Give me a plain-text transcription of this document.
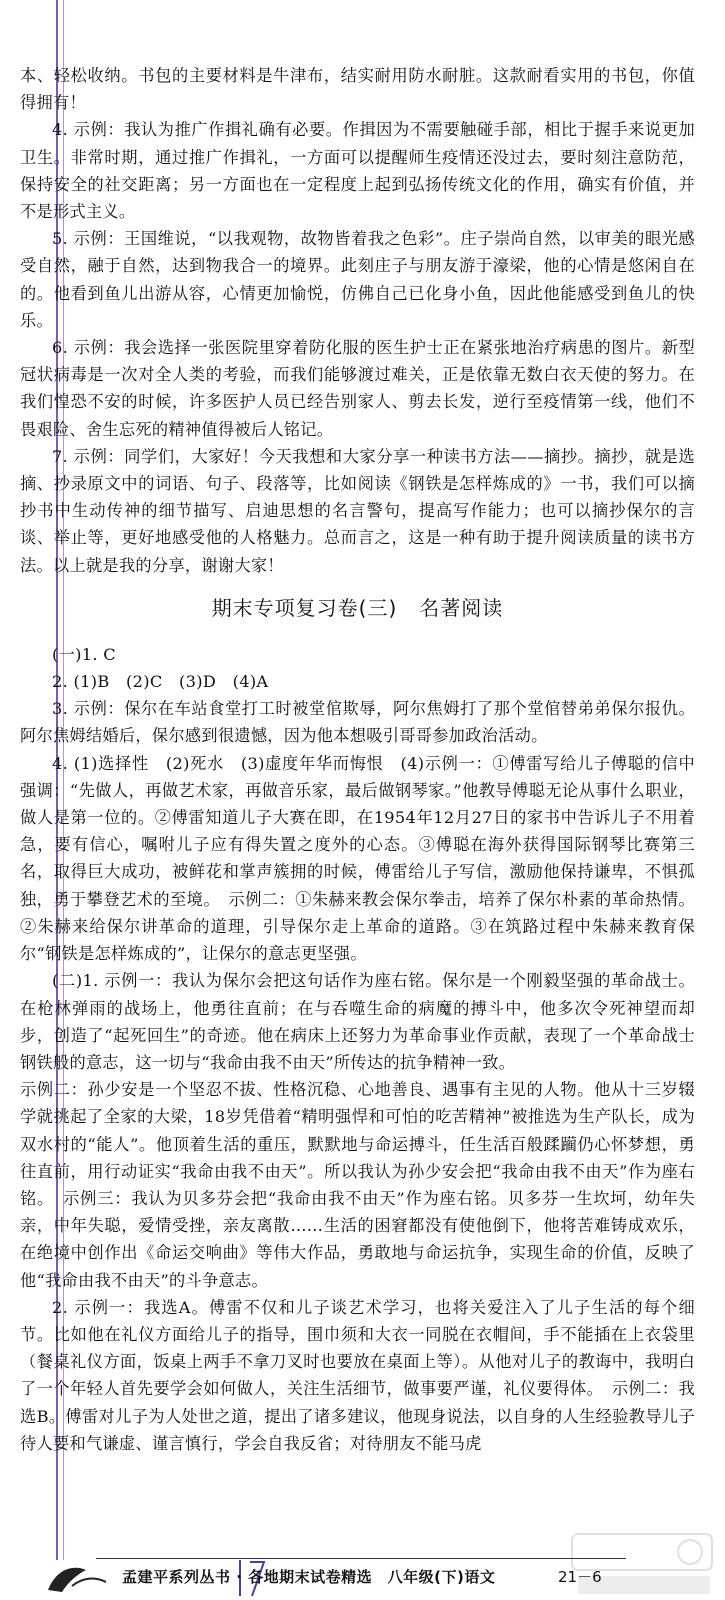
本、轻松收纳。书包的主要材料是牛津布，结实耐用防水耐脏。这款耐看实用的书包，你值得拥有！

4. 示例：我认为推广作揖礼确有必要。作揖因为不需要触碰手部，相比于握手来说更加卫生。非常时期，通过推广作揖礼，一方面可以提醒师生疫情还没过去，要时刻注意防范，保持安全的社交距离；另一方面也在一定程度上起到弘扬传统文化的作用，确实有价值，并不是形式主义。

5. 示例：王国维说，“以我观物，故物皆着我之色彩”。庄子崇尚自然，以审美的眼光感受自然，融于自然，达到物我合一的境界。此刻庄子与朋友游于濠梁，他的心情是悠闲自在的。他看到鱼儿出游从容，心情更加愉悦，仿佛自己已化身小鱼，因此他能感受到鱼儿的快乐。

6. 示例：我会选择一张医院里穿着防化服的医生护士正在紧张地治疗病患的图片。新型冠状病毒是一次对全人类的考验，而我们能够渡过难关，正是依靠无数白衣天使的努力。在我们惶恐不安的时候，许多医护人员已经告别家人、剪去长发，逆行至疫情第一线，他们不畏艰险、舍生忘死的精神值得被后人铭记。

7. 示例：同学们，大家好！今天我想和大家分享一种读书方法——摘抄。摘抄，就是选摘、抄录原文中的词语、句子、段落等，比如阅读《钢铁是怎样炼成的》一书，我们可以摘抄书中生动传神的细节描写、启迪思想的名言警句，提高写作能力；也可以摘抄保尔的言谈、举止等，更好地感受他的人格魅力。总而言之，这是一种有助于提升阅读质量的读书方法。以上就是我的分享，谢谢大家！

期末专项复习卷(三) 名著阅读

(一)1. C

2. (1)B　(2)C　(3)D　(4)A

3. 示例：保尔在车站食堂打工时被堂倌欺辱，阿尔焦姆打了那个堂倌替弟弟保尔报仇。阿尔焦姆结婚后，保尔感到很遗憾，因为他本想吸引哥哥参加政治活动。

4. (1)选择性　(2)死水　(3)虚度年华而悔恨　(4)示例一：①傅雷写给儿子傅聪的信中强调：“先做人，再做艺术家，再做音乐家，最后做钢琴家。”他教导傅聪无论从事什么职业，做人是第一位的。②傅雷知道儿子大赛在即，在1954年12月27日的家书中告诉儿子不用着急，要有信心，嘱咐儿子应有得失置之度外的心态。③傅聪在海外获得国际钢琴比赛第三名，取得巨大成功，被鲜花和掌声簇拥的时候，傅雷给儿子写信，激励他保持谦卑，不惧孤独，勇于攀登艺术的至境。　示例二：①朱赫来教会保尔拳击，培养了保尔朴素的革命热情。②朱赫来给保尔讲革命的道理，引导保尔走上革命的道路。③在筑路过程中朱赫来教育保尔“钢铁是怎样炼成的”，让保尔的意志更坚强。

(二)1. 示例一：我认为保尔会把这句话作为座右铭。保尔是一个刚毅坚强的革命战士。在枪林弹雨的战场上，他勇往直前；在与吞噬生命的病魔的搏斗中，他多次令死神望而却步，创造了“起死回生”的奇迹。他在病床上还努力为革命事业作贡献，表现了一个革命战士钢铁般的意志，这一切与“我命由我不由天”所传达的抗争精神一致。

示例二：孙少安是一个坚忍不拔、性格沉稳、心地善良、遇事有主见的人物。他从十三岁辍学就挑起了全家的大梁，18岁凭借着“精明强悍和可怕的吃苦精神”被推选为生产队长，成为双水村的“能人”。他顶着生活的重压，默默地与命运搏斗，任生活百般蹂躏仍心怀梦想，勇往直前，用行动证实“我命由我不由天”。所以我认为孙少安会把“我命由我不由天”作为座右铭。　示例三：我认为贝多芬会把“我命由我不由天”作为座右铭。贝多芬一生坎坷，幼年失亲，中年失聪，爱情受挫，亲友离散……生活的困窘都没有使他倒下，他将苦难铸成欢乐，在绝境中创作出《命运交响曲》等伟大作品，勇敢地与命运抗争，实现生命的价值，反映了他“我命由我不由天”的斗争意志。

2. 示例一：我选A。傅雷不仅和儿子谈艺术学习，也将关爱注入了儿子生活的每个细节。比如他在礼仪方面给儿子的指导，围巾须和大衣一同脱在衣帽间，手不能插在上衣袋里（餐桌礼仪方面，饭桌上两手不拿刀叉时也要放在桌面上等）。从他对儿子的教诲中，我明白了一个年轻人首先要学会如何做人，关注生活细节，做事要严谨，礼仪要得体。　示例二：我选B。傅雷对儿子为人处世之道，提出了诸多建议，他现身说法，以自身的人生经验教导儿子待人要和气谦虚、谨言慎行，学会自我反省；对待朋友不能马虎

孟建平系列丛书 · 各地期末试卷精选　八年级(下)语文	21－6
